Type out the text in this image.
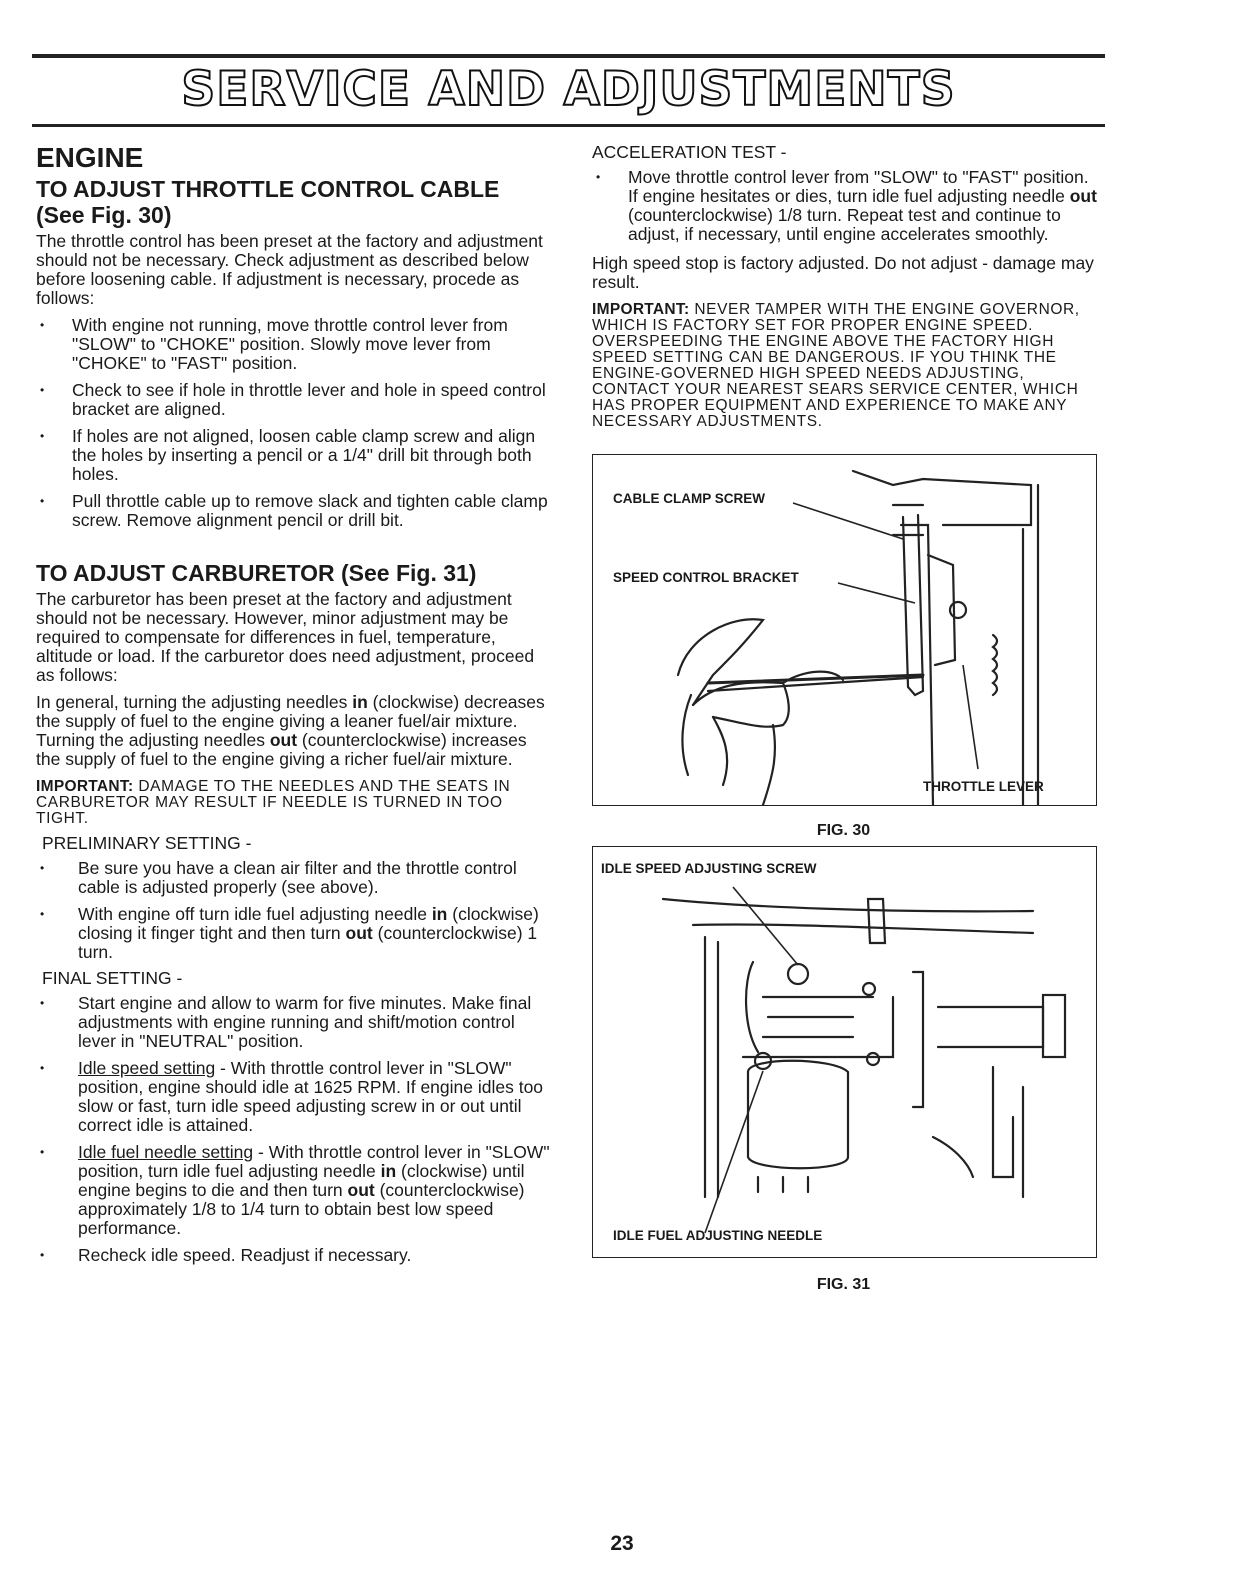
SERVICE AND ADJUSTMENTS
ENGINE
TO ADJUST THROTTLE CONTROL CABLE
(See Fig. 30)

The throttle control has been preset at the factory and adjustment should not be necessary. Check adjustment as described below before loosening cable. If adjustment is necessary, procede as follows:

• With engine not running, move throttle control lever from "SLOW" to "CHOKE" position. Slowly move lever from "CHOKE" to "FAST" position.
• Check to see if hole in throttle lever and hole in speed control bracket are aligned.
• If holes are not aligned, loosen cable clamp screw and align the holes by inserting a pencil or a 1/4" drill bit through both holes.
• Pull throttle cable up to remove slack and tighten cable clamp screw. Remove alignment pencil or drill bit.
TO ADJUST CARBURETOR (See Fig. 31)

The carburetor has been preset at the factory and adjustment should not be necessary. However, minor adjustment may be required to compensate for differences in fuel, temperature, altitude or load. If the carburetor does need adjustment, proceed as follows:

In general, turning the adjusting needles in (clockwise) decreases the supply of fuel to the engine giving a leaner fuel/air mixture. Turning the adjusting needles out (counterclockwise) increases the supply of fuel to the engine giving a richer fuel/air mixture.

IMPORTANT: DAMAGE TO THE NEEDLES AND THE SEATS IN CARBURETOR MAY RESULT IF NEEDLE IS TURNED IN TOO TIGHT.

PRELIMINARY SETTING -

• Be sure you have a clean air filter and the throttle control cable is adjusted properly (see above).
• With engine off turn idle fuel adjusting needle in (clockwise) closing it finger tight and then turn out (counterclockwise) 1 turn.

FINAL SETTING -

• Start engine and allow to warm for five minutes. Make final adjustments with engine running and shift/motion control lever in "NEUTRAL" position.
• Idle speed setting - With throttle control lever in "SLOW" position, engine should idle at 1625 RPM. If engine idles too slow or fast, turn idle speed adjusting screw in or out until correct idle is attained.
• Idle fuel needle setting - With throttle control lever in "SLOW" position, turn idle fuel adjusting needle in (clockwise) until engine begins to die and then turn out (counterclockwise) approximately 1/8 to 1/4 turn to obtain best low speed performance.
• Recheck idle speed. Readjust if necessary.

ACCELERATION TEST -

• Move throttle control lever from "SLOW" to "FAST" position. If engine hesitates or dies, turn idle fuel adjusting needle out (counterclockwise) 1/8 turn. Repeat test and continue to adjust, if necessary, until engine accelerates smoothly.

High speed stop is factory adjusted. Do not adjust - damage may result.

IMPORTANT: NEVER TAMPER WITH THE ENGINE GOVERNOR, WHICH IS FACTORY SET FOR PROPER ENGINE SPEED. OVERSPEEDING THE ENGINE ABOVE THE FACTORY HIGH SPEED SETTING CAN BE DANGEROUS. IF YOU THINK THE ENGINE-GOVERNED HIGH SPEED NEEDS ADJUSTING, CONTACT YOUR NEAREST SEARS SERVICE CENTER, WHICH HAS PROPER EQUIPMENT AND EXPERIENCE TO MAKE ANY NECESSARY ADJUSTMENTS.

CABLE CLAMP SCREW
SPEED CONTROL BRACKET
THROTTLE LEVER
FIG. 30
IDLE SPEED ADJUSTING SCREW
IDLE FUEL ADJUSTING NEEDLE
FIG. 31
23
